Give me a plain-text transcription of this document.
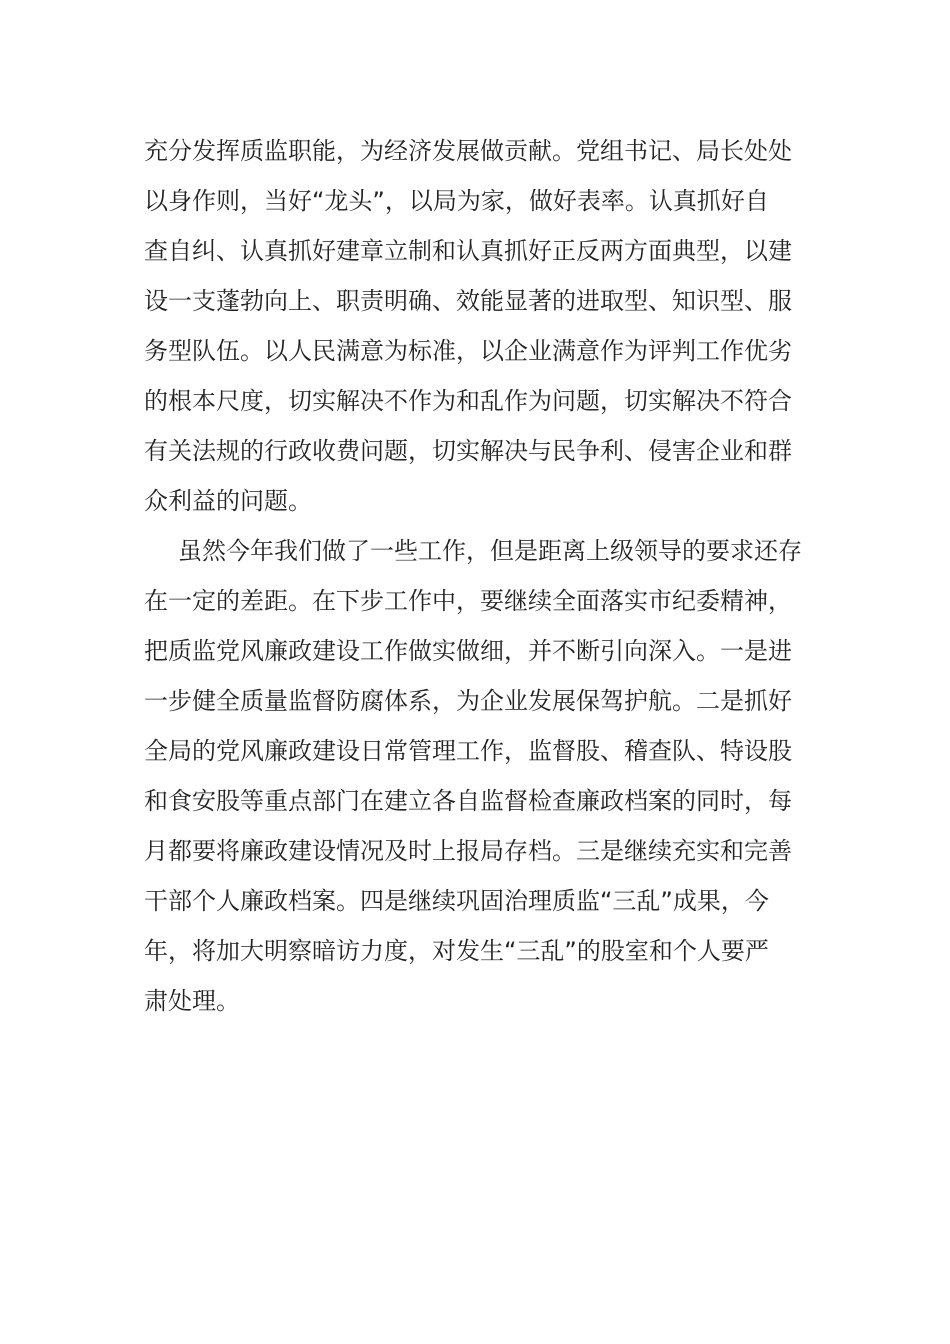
充分发挥质监职能，为经济发展做贡献。党组书记、局长处处
以身作则，当好“龙头”，以局为家，做好表率。认真抓好自
查自纠、认真抓好建章立制和认真抓好正反两方面典型，以建
设一支蓬勃向上、职责明确、效能显著的进取型、知识型、服
务型队伍。以人民满意为标准，以企业满意作为评判工作优劣
的根本尺度，切实解决不作为和乱作为问题，切实解决不符合
有关法规的行政收费问题，切实解决与民争利、侵害企业和群
众利益的问题。
虽然今年我们做了一些工作，但是距离上级领导的要求还存
在一定的差距。在下步工作中，要继续全面落实市纪委精神，
把质监党风廉政建设工作做实做细，并不断引向深入。一是进
一步健全质量监督防腐体系，为企业发展保驾护航。二是抓好
全局的党风廉政建设日常管理工作，监督股、稽查队、特设股
和食安股等重点部门在建立各自监督检查廉政档案的同时，每
月都要将廉政建设情况及时上报局存档。三是继续充实和完善
干部个人廉政档案。四是继续巩固治理质监“三乱”成果，今
年，将加大明察暗访力度，对发生“三乱”的股室和个人要严
肃处理。
